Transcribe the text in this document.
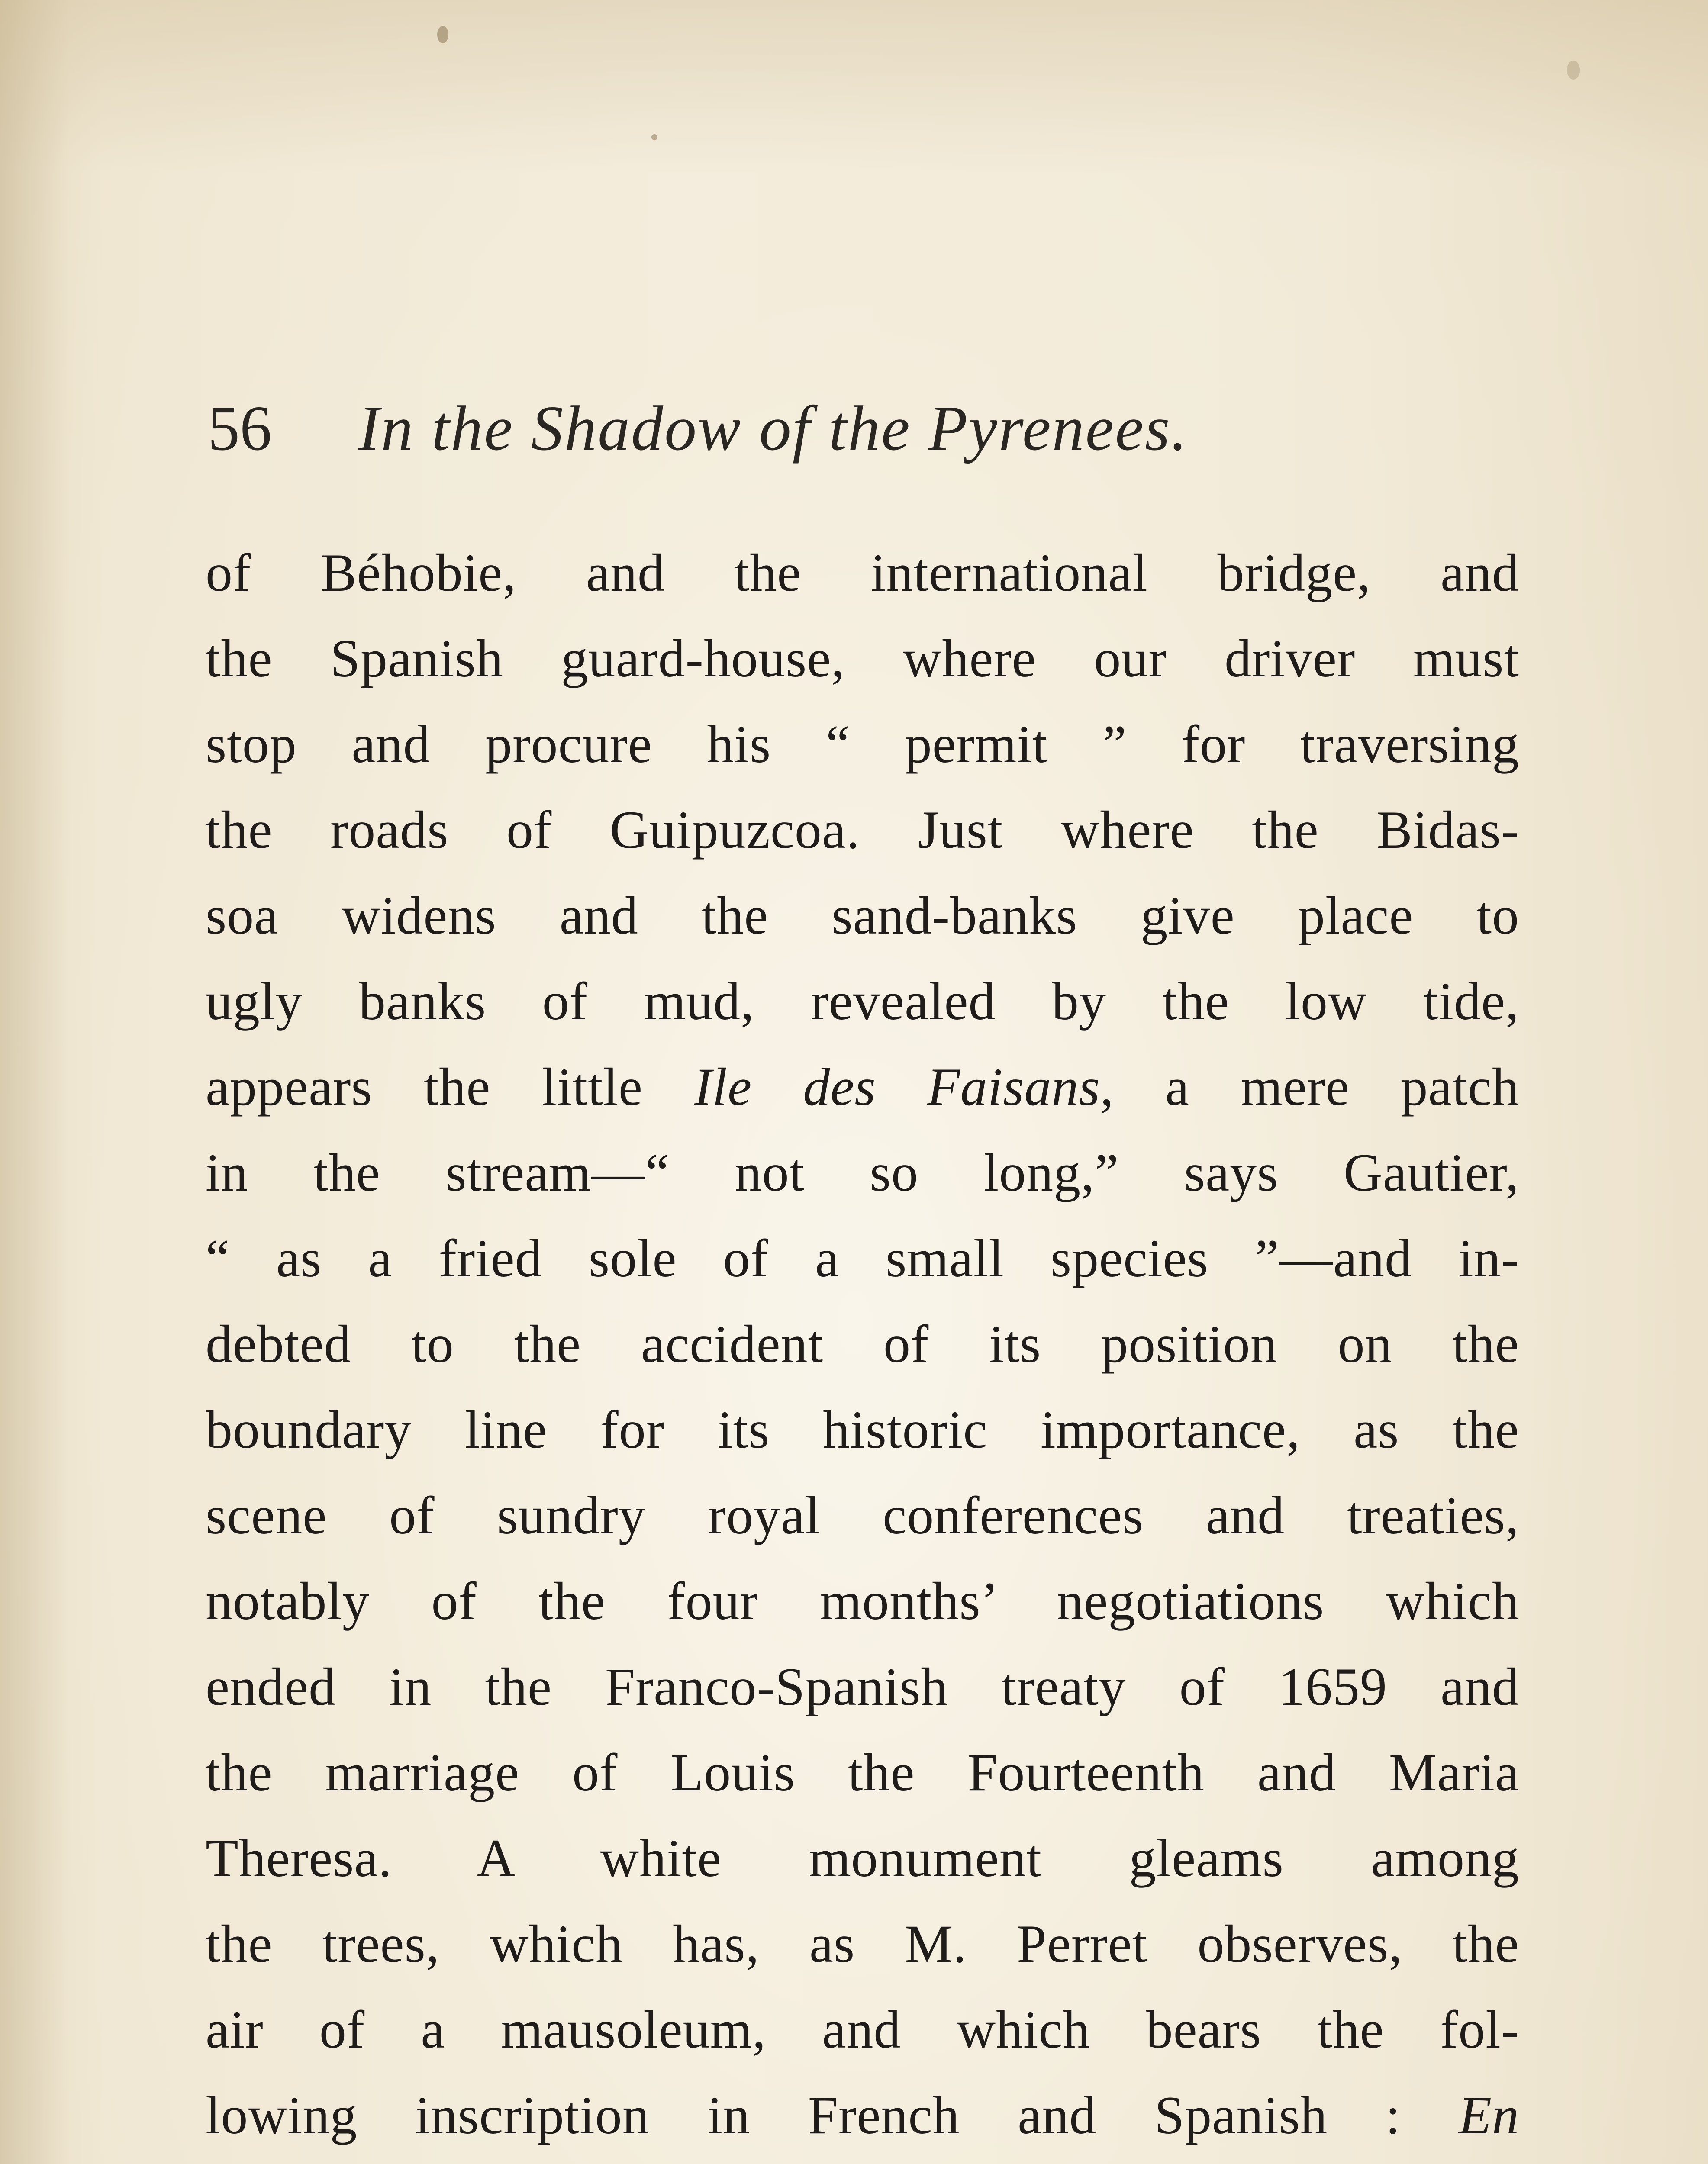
56 In the Shadow of the Pyrenees.
of Béhobie, and the international bridge, and
the Spanish guard-house, where our driver must
stop and procure his “ permit ” for traversing
the roads of Guipuzcoa. Just where the Bidas-
soa widens and the sand-banks give place to
ugly banks of mud, revealed by the low tide,
appears the little Ile des Faisans, a mere patch
in the stream—“ not so long,” says Gautier,
“ as a fried sole of a small species ”—and in-
debted to the accident of its position on the
boundary line for its historic importance, as the
scene of sundry royal conferences and treaties,
notably of the four months’ negotiations which
ended in the Franco-Spanish treaty of 1659 and
the marriage of Louis the Fourteenth and Maria
Theresa. A white monument gleams among
the trees, which has, as M. Perret observes, the
air of a mausoleum, and which bears the fol-
lowing inscription in French and Spanish : En
